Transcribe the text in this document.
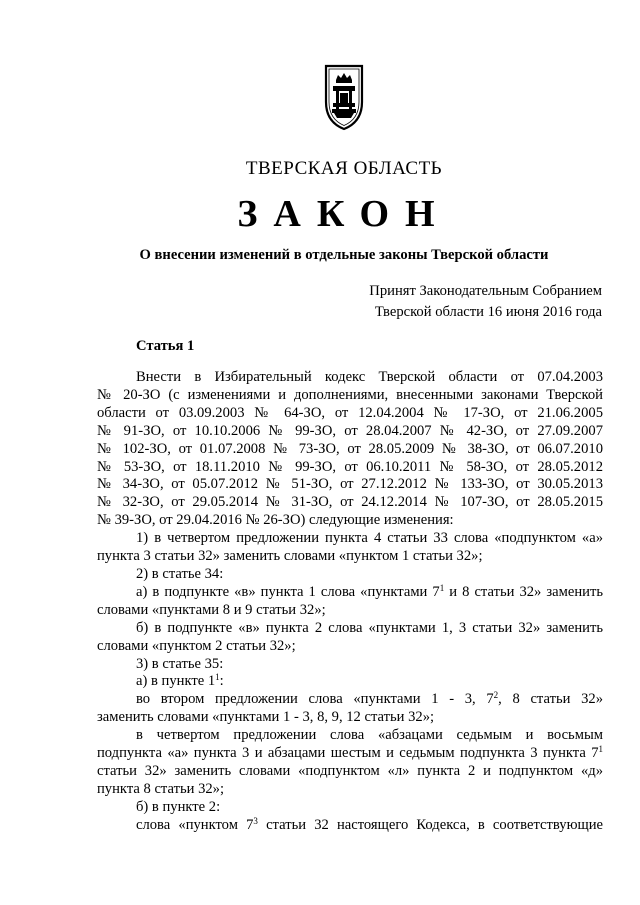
ТВЕРСКАЯ ОБЛАСТЬ
ЗАКОН
О внесении изменений в отдельные законы Тверской области
Принят Законодательным Собранием
Тверской области 16 июня 2016 года
Статья 1

Внести в Избирательный кодекс Тверской области от 07.04.2003

№ 20-ЗО (с изменениями и дополнениями, внесенными законами Тверской

области от 03.09.2003 № 64-ЗО, от 12.04.2004 № 17-ЗО, от 21.06.2005

№ 91-ЗО, от 10.10.2006 № 99-ЗО, от 28.04.2007 № 42-ЗО, от 27.09.2007

№ 102-ЗО, от 01.07.2008 № 73-ЗО, от 28.05.2009 № 38-ЗО, от 06.07.2010

№ 53-ЗО, от 18.11.2010 № 99-ЗО, от 06.10.2011 № 58-ЗО, от 28.05.2012

№ 34-ЗО, от 05.07.2012 № 51-ЗО, от 27.12.2012 № 133-ЗО, от 30.05.2013

№ 32-ЗО, от 29.05.2014 № 31-ЗО, от 24.12.2014 № 107-ЗО, от 28.05.2015

№ 39-ЗО, от 29.04.2016 № 26-ЗО) следующие изменения:

1) в четвертом предложении пункта 4 статьи 33 слова «подпунктом «а»

пункта 3 статьи 32» заменить словами «пунктом 1 статьи 32»;

2) в статье 34:

а) в подпункте «в» пункта 1 слова «пунктами $7^1$ и 8 статьи 32» заменить

словами «пунктами 8 и 9 статьи 32»;

б) в подпункте «в» пункта 2 слова «пунктами 1, 3 статьи 32» заменить

словами «пунктом 2 статьи 32»;

3) в статье 35:

а) в пункте $1^1$:

во втором предложении слова «пунктами 1 - 3, $7^2$, 8 статьи 32»

заменить словами «пунктами 1 - 3, 8, 9, 12 статьи 32»;

в четвертом предложении слова «абзацами седьмым и восьмым

подпункта «а» пункта 3 и абзацами шестым и седьмым подпункта 3 пункта $7^1$

статьи 32» заменить словами «подпунктом «л» пункта 2 и подпунктом «д»

пункта 8 статьи 32»;

б) в пункте 2:

слова «пунктом $7^3$ статьи 32 настоящего Кодекса, в соответствующие
